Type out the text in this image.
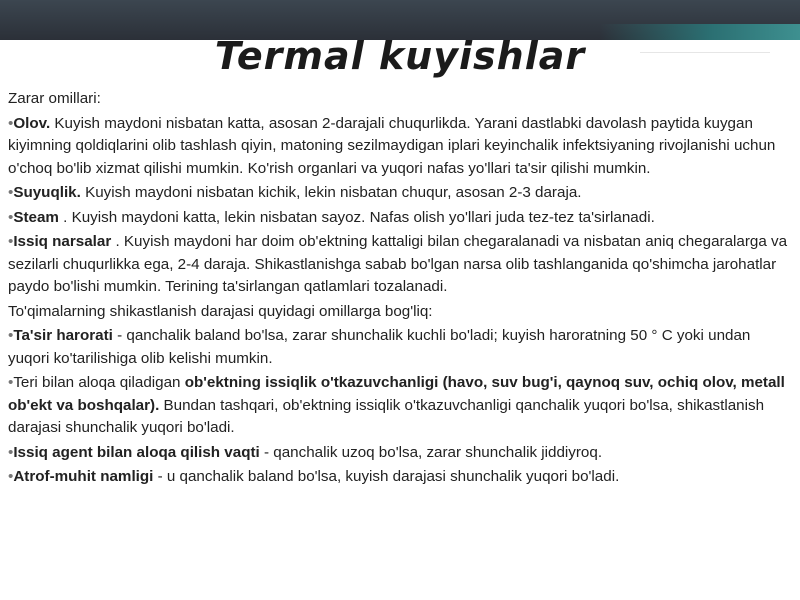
Termal kuyishlar

Zarar omillari:

•Olov. Kuyish maydoni nisbatan katta, asosan 2-darajali chuqurlikda. Yarani dastlabki davolash paytida kuygan kiyimning qoldiqlarini olib tashlash qiyin, matoning sezilmaydigan iplari keyinchalik infektsiyaning rivojlanishi uchun o'choq bo'lib xizmat qilishi mumkin. Ko'rish organlari va yuqori nafas yo'llari ta'sir qilishi mumkin.

•Suyuqlik. Kuyish maydoni nisbatan kichik, lekin nisbatan chuqur, asosan 2-3 daraja.

•Steam . Kuyish maydoni katta, lekin nisbatan sayoz. Nafas olish yo'llari juda tez-tez ta'sirlanadi.

•Issiq narsalar . Kuyish maydoni har doim ob'ektning kattaligi bilan chegaralanadi va nisbatan aniq chegaralarga va sezilarli chuqurlikka ega, 2-4 daraja. Shikastlanishga sabab bo'lgan narsa olib tashlanganida qo'shimcha jarohatlar paydo bo'lishi mumkin. Terining ta'sirlangan qatlamlari tozalanadi.

To'qimalarning shikastlanish darajasi quyidagi omillarga bog'liq:

•Ta'sir harorati - qanchalik baland bo'lsa, zarar shunchalik kuchli bo'ladi; kuyish haroratning 50 ° C yoki undan yuqori ko'tarilishiga olib kelishi mumkin.

•Teri bilan aloqa qiladigan ob'ektning issiqlik o'tkazuvchanligi (havo, suv bug'i, qaynoq suv, ochiq olov, metall ob'ekt va boshqalar). Bundan tashqari, ob'ektning issiqlik o'tkazuvchanligi qanchalik yuqori bo'lsa, shikastlanish darajasi shunchalik yuqori bo'ladi.

•Issiq agent bilan aloqa qilish vaqti - qanchalik uzoq bo'lsa, zarar shunchalik jiddiyroq.

•Atrof-muhit namligi - u qanchalik baland bo'lsa, kuyish darajasi shunchalik yuqori bo'ladi.
